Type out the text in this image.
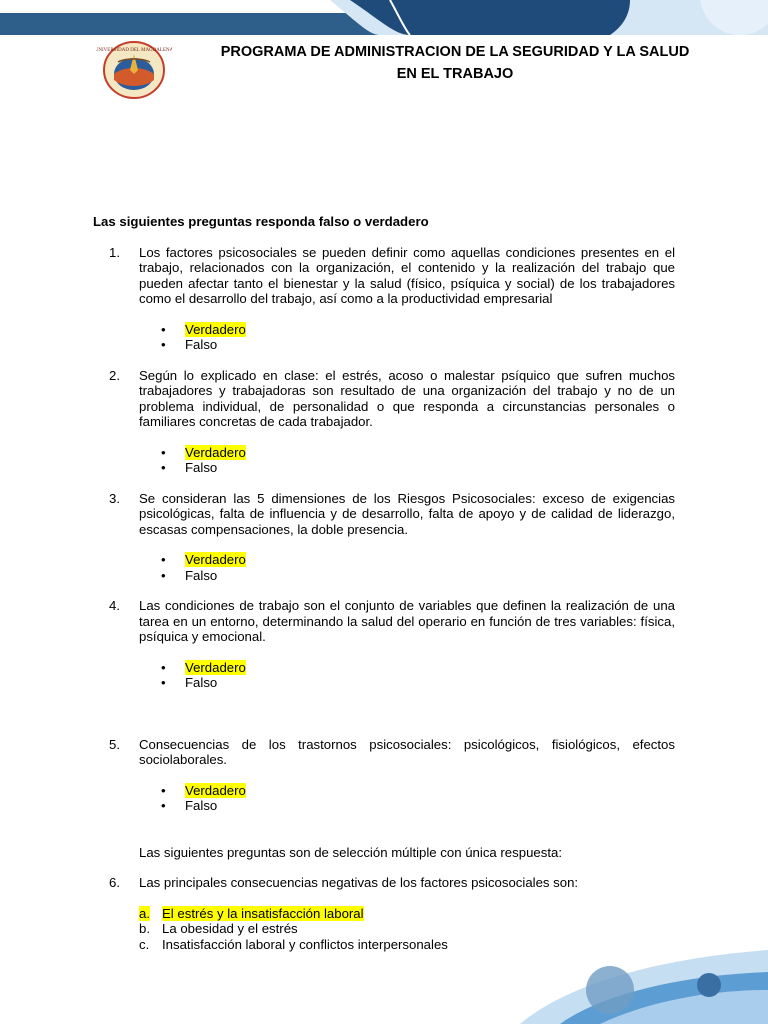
UNIVERSIDAD DEL MAGDALENA	PROGRAMA DE ADMINISTRACION DE LA SEGURIDAD Y LA SALUD EN EL TRABAJO

Las siguientes preguntas responda falso o verdadero

1.	Los factores psicosociales se pueden definir como aquellas condiciones presentes en el trabajo, relacionados con la organización, el contenido y la realización del trabajo que pueden afectar tanto el bienestar y la salud (físico, psíquica y social) de los trabajadores como el desarrollo del trabajo, así como a la productividad empresarial
• Verdadero
• Falso
2.	Según lo explicado en clase: el estrés, acoso o malestar psíquico que sufren muchos trabajadores y trabajadoras son resultado de una organización del trabajo y no de un problema individual, de personalidad o que responda a circunstancias personales o familiares concretas de cada trabajador.
• Verdadero
• Falso
3.	Se consideran las 5 dimensiones de los Riesgos Psicosociales: exceso de exigencias psicológicas, falta de influencia y de desarrollo, falta de apoyo y de calidad de liderazgo, escasas compensaciones, la doble presencia.
• Verdadero
• Falso
4.	Las condiciones de trabajo son el conjunto de variables que definen la realización de una tarea en un entorno, determinando la salud del operario en función de tres variables: física, psíquica y emocional.
• Verdadero
• Falso
5.	Consecuencias de los trastornos psicosociales: psicológicos, fisiológicos, efectos sociolaborales.
• Verdadero
• Falso

Las siguientes preguntas son de selección múltiple con única respuesta:

6.	Las principales consecuencias negativas de los factores psicosociales son:
a. El estrés y la insatisfacción laboral
b. La obesidad y el estrés
c. Insatisfacción laboral y conflictos interpersonales
